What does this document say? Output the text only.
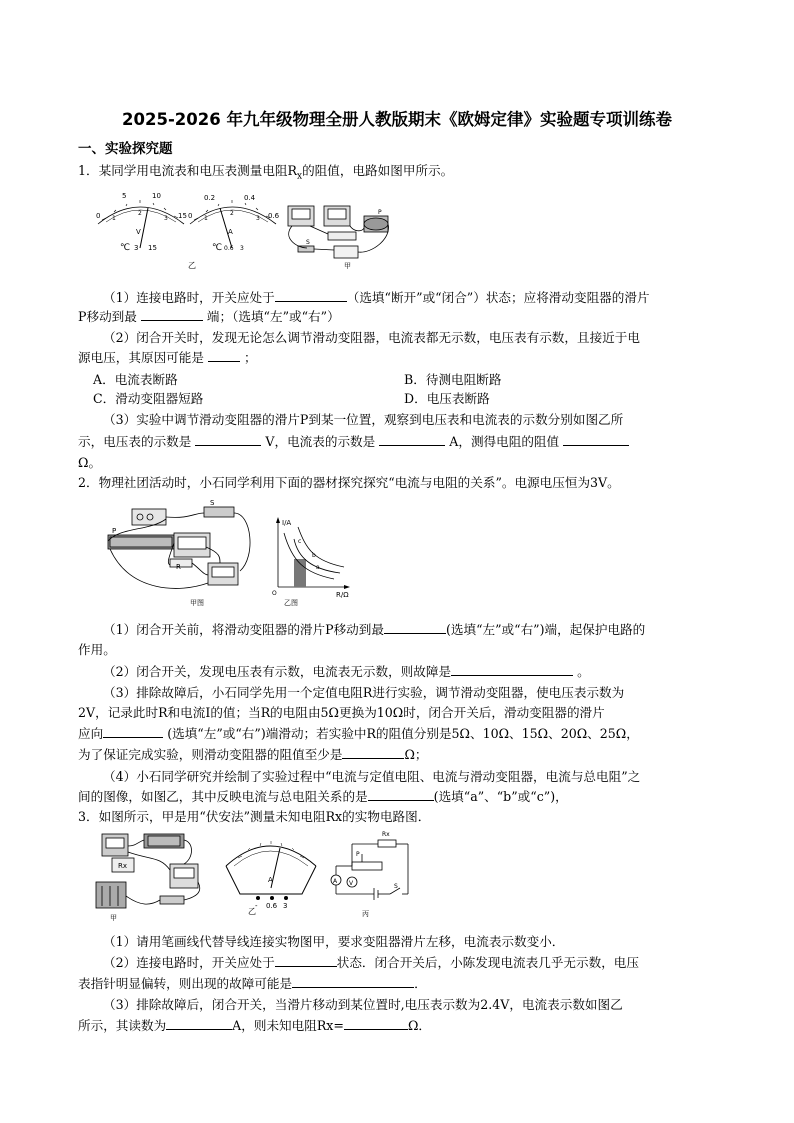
2025-2026 年九年级物理全册人教版期末《欧姆定律》实验题专项训练卷
一、实验探究题
1．某同学用电流表和电压表测量电阻$R_x$的阻值，电路如图甲所示。
0
5	10
15
1
2
3
V
℃ 3 15
0
0.2	0.4
0.6
1
2
3
A
℃ 0.6 3
乙
P
S
甲
（1）连接电路时，开关应处于	（选填“断开”或“闭合”）状态；应将滑动变阻器的滑片
P移动到最	端；（选填“左”或“右”）
（2）闭合开关时，发现无论怎么调节滑动变阻器，电流表都无示数，电压表有示数，且接近于电
源电压，其原因可能是	；
A．电流表断路	B．待测电阻断路
C．滑动变阻器短路	D．电压表断路
（3）实验中调节滑动变阻器的滑片P到某一位置，观察到电压表和电流表的示数分别如图乙所
示，电压表的示数是	V，电流表的示数是	A，测得电阻的阻值
Ω。
2．物理社团活动时，小石同学利用下面的器材探究探究“电流与电阻的关系”。电源电压恒为3V。
S
P
R
甲图
I/A
R/Ω
O
c
b
a
乙图
（1）闭合开关前，将滑动变阻器的滑片P移动到最	(选填“左”或“右”)端，起保护电路的
作用。
（2）闭合开关，发现电压表有示数，电流表无示数，则故障是	。
（3）排除故障后，小石同学先用一个定值电阻R进行实验，调节滑动变阻器，使电压表示数为
2V，记录此时R和电流I的值；当R的电阻由5Ω更换为10Ω时，闭合开关后，滑动变阻器的滑片
应向	(选填“左”或“右”)端滑动；若实验中R的阻值分别是5Ω、10Ω、15Ω、20Ω、25Ω，
为了保证完成实验，则滑动变阻器的阻值至少是	Ω；
（4）小石同学研究并绘制了实验过程中“电流与定值电阻、电流与滑动变阻器，电流与总电阻”之
间的图像，如图乙，其中反映电流与总电阻关系的是	(选填“a”、“b”或“c”)，
3．如图所示，甲是用“伏安法”测量未知电阻Rx的实物电路图．
Rx
甲
A
- 0.6 3
乙
Rx
P
V
A
S
丙
（1）请用笔画线代替导线连接实物图甲，要求变阻器滑片左移，电流表示数变小．
（2）连接电路时，开关应处于	状态．闭合开关后，小陈发现电流表几乎无示数，电压
表指针明显偏转，则出现的故障可能是	．
（3）排除故障后，闭合开关，当滑片移动到某位置时,电压表示数为2.4V，电流表示数如图乙
所示，其读数为	A，则未知电阻Rx=	Ω．
